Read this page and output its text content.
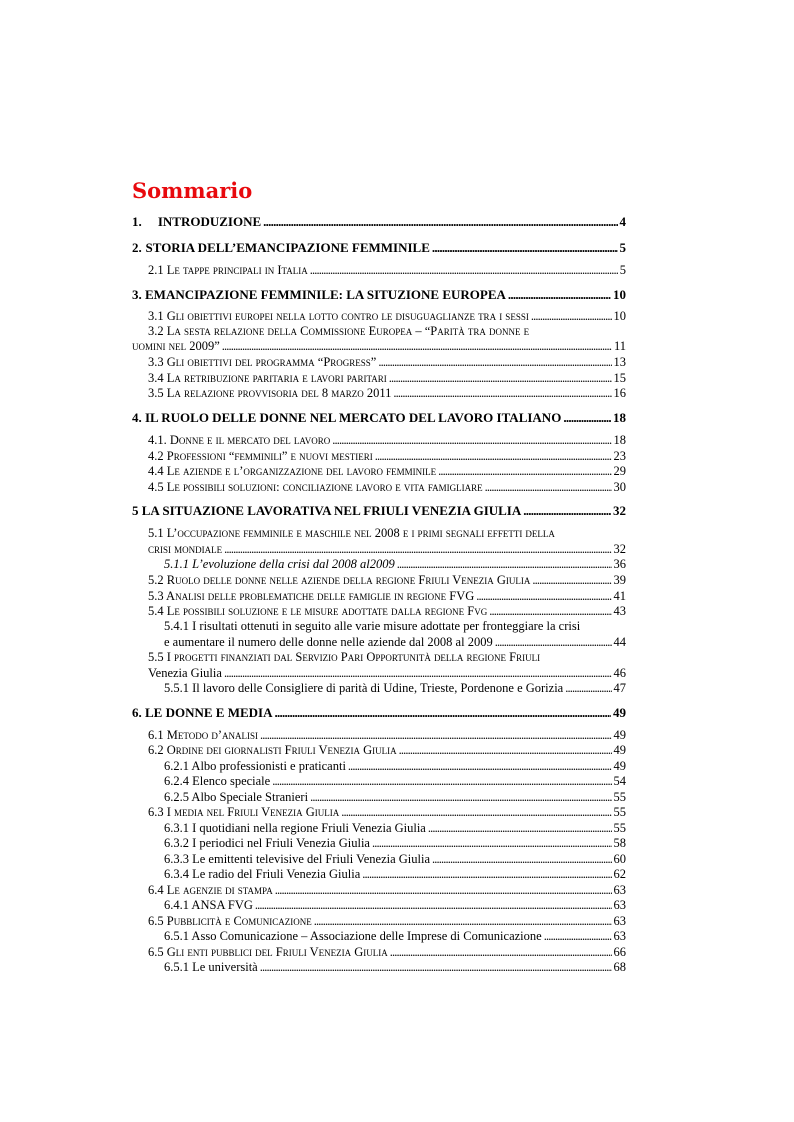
Sommario
1.	INTRODUZIONE . . .	4
2. STORIA DELL’EMANCIPAZIONE FEMMINILE . . .	5
2.1 Le tappe principali in Italia . . .	5
3. EMANCIPAZIONE FEMMINILE: LA SITUZIONE EUROPEA . . .	10
3.1 Gli obiettivi europei nella lotto contro le disuguaglianze tra i sessi . . .	10
3.2 La sesta relazione della Commissione Europea – “Parità tra donne e
uomini nel 2009” . . .	11
3.3 Gli obiettivi del programma “Progress” . . .	13
3.4 La retribuzione paritaria e lavori paritari . . .	15
3.5 La relazione provvisoria del 8 marzo 2011 . . .	16
4. IL RUOLO DELLE DONNE NEL MERCATO DEL LAVORO ITALIANO . . .	18
4.1. Donne e il mercato del lavoro . . .	18
4.2 Professioni “femminili” e nuovi mestieri . . .	23
4.4 Le aziende e l’organizzazione del lavoro femminile . . .	29
4.5 Le possibili soluzioni: conciliazione lavoro e vita famigliare . . .	30
5 LA SITUAZIONE LAVORATIVA NEL FRIULI VENEZIA GIULIA . . .	32
5.1 L’occupazione femminile e maschile nel 2008 e i primi segnali effetti della
crisi mondiale . . .	32
5.1.1 L’evoluzione della crisi dal 2008 al2009 . . .	36
5.2 Ruolo delle donne nelle aziende della regione Friuli Venezia Giulia . . .	39
5.3 Analisi delle problematiche delle famiglie in regione FVG . . .	41
5.4 Le possibili soluzione e le misure adottate dalla regione Fvg . . .	43
5.4.1 I risultati ottenuti in seguito alle varie misure adottate per fronteggiare la crisi
e aumentare il numero delle donne nelle aziende dal 2008 al 2009 . . .	44
5.5 I progetti finanziati dal Servizio Pari Opportunità della regione Friuli
Venezia Giulia . . .	46
5.5.1 Il lavoro delle Consigliere di parità di Udine, Trieste, Pordenone e Gorizia . . .	47
6. LE DONNE E MEDIA . . .	49
6.1 Metodo d’analisi . . .	49
6.2 Ordine dei giornalisti Friuli Venezia Giulia . . .	49
6.2.1 Albo professionisti e praticanti . . .	49
6.2.4 Elenco speciale . . .	54
6.2.5 Albo Speciale Stranieri . . .	55
6.3 I media nel Friuli Venezia Giulia . . .	55
6.3.1 I quotidiani nella regione Friuli Venezia Giulia . . .	55
6.3.2 I periodici nel Friuli Venezia Giulia . . .	58
6.3.3 Le emittenti televisive del Friuli Venezia Giulia . . .	60
6.3.4 Le radio del Friuli Venezia Giulia . . .	62
6.4 Le agenzie di stampa . . .	63
6.4.1 ANSA FVG . . .	63
6.5 Pubblicità e Comunicazione . . .	63
6.5.1 Asso Comunicazione – Associazione delle Imprese di Comunicazione . . .	63
6.5 Gli enti pubblici del Friuli Venezia Giulia . . .	66
6.5.1 Le università . . .	68
